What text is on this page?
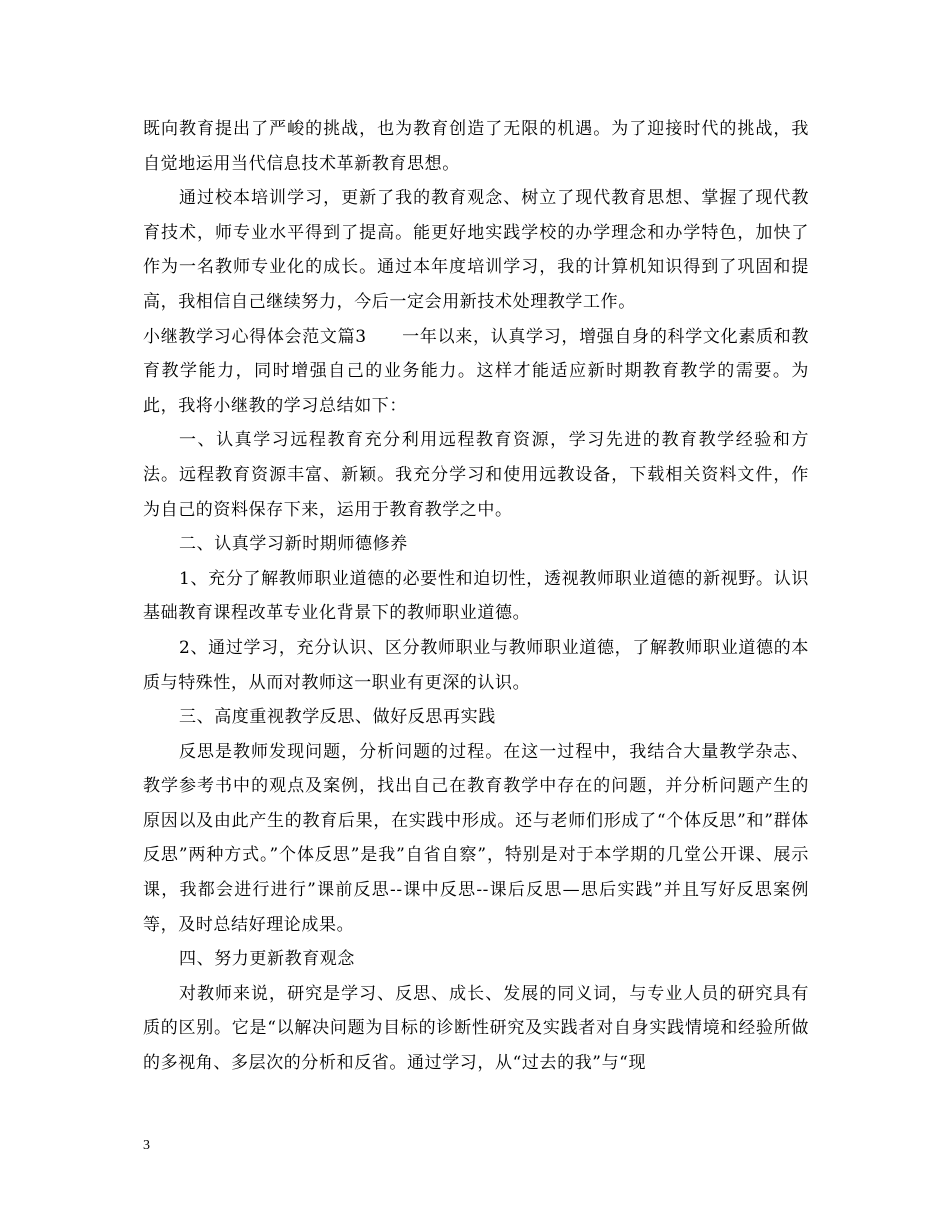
既向教育提出了严峻的挑战，也为教育创造了无限的机遇。为了迎接时代的挑战，我自觉地运用当代信息技术革新教育思想。

通过校本培训学习，更新了我的教育观念、树立了现代教育思想、掌握了现代教育技术，师专业水平得到了提高。能更好地实践学校的办学理念和办学特色，加快了作为一名教师专业化的成长。通过本年度培训学习，我的计算机知识得到了巩固和提高，我相信自己继续努力，今后一定会用新技术处理教学工作。

小继教学习心得体会范文篇3　　一年以来，认真学习，增强自身的科学文化素质和教育教学能力，同时增强自己的业务能力。这样才能适应新时期教育教学的需要。为此，我将小继教的学习总结如下：

一、认真学习远程教育充分利用远程教育资源，学习先进的教育教学经验和方法。远程教育资源丰富、新颖。我充分学习和使用远教设备，下载相关资料文件，作为自己的资料保存下来，运用于教育教学之中。

二、认真学习新时期师德修养

1、充分了解教师职业道德的必要性和迫切性，透视教师职业道德的新视野。认识基础教育课程改革专业化背景下的教师职业道德。

2、通过学习，充分认识、区分教师职业与教师职业道德，了解教师职业道德的本质与特殊性，从而对教师这一职业有更深的认识。

三、高度重视教学反思、做好反思再实践

反思是教师发现问题，分析问题的过程。在这一过程中，我结合大量教学杂志、教学参考书中的观点及案例，找出自己在教育教学中存在的问题，并分析问题产生的原因以及由此产生的教育后果，在实践中形成。还与老师们形成了“个体反思”和”群体反思”两种方式。”个体反思”是我”自省自察”，特别是对于本学期的几堂公开课、展示课，我都会进行进行”课前反思--课中反思--课后反思—思后实践”并且写好反思案例等，及时总结好理论成果。

四、努力更新教育观念

对教师来说，研究是学习、反思、成长、发展的同义词，与专业人员的研究具有质的区别。它是“以解决问题为目标的诊断性研究及实践者对自身实践情境和经验所做的多视角、多层次的分析和反省。通过学习，从“过去的我”与“现

3
